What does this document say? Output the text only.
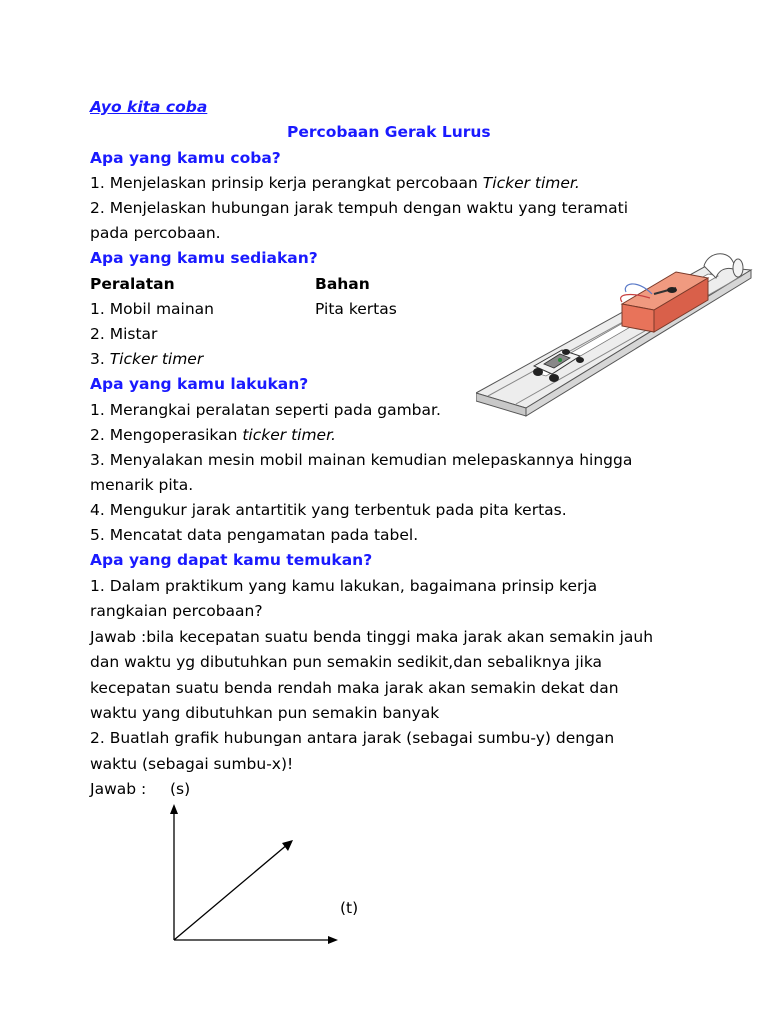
Ayo kita coba
Percobaan Gerak Lurus
Apa yang kamu coba?
1. Menjelaskan prinsip kerja perangkat percobaan Ticker timer.
2. Menjelaskan hubungan jarak tempuh dengan waktu yang teramati
pada percobaan.
Apa yang kamu sediakan?
Peralatan	Bahan
1. Mobil mainan	Pita kertas
2. Mistar
3. Ticker timer
Apa yang kamu lakukan?
1. Merangkai peralatan seperti pada gambar.
2. Mengoperasikan ticker timer.
3. Menyalakan mesin mobil mainan kemudian melepaskannya hingga
menarik pita.
4. Mengukur jarak antartitik yang terbentuk pada pita kertas.
5. Mencatat data pengamatan pada tabel.
Apa yang dapat kamu temukan?
1. Dalam praktikum yang kamu lakukan, bagaimana prinsip kerja
rangkaian percobaan?
Jawab :bila kecepatan suatu benda tinggi maka jarak akan semakin jauh
dan waktu yg dibutuhkan pun semakin sedikit,dan sebaliknya jika
kecepatan suatu benda rendah maka jarak akan semakin dekat dan
waktu yang dibutuhkan pun semakin banyak
2. Buatlah grafik hubungan antara jarak (sebagai sumbu-y) dengan
waktu (sebagai sumbu-x)!
Jawab : (s)
(t)
